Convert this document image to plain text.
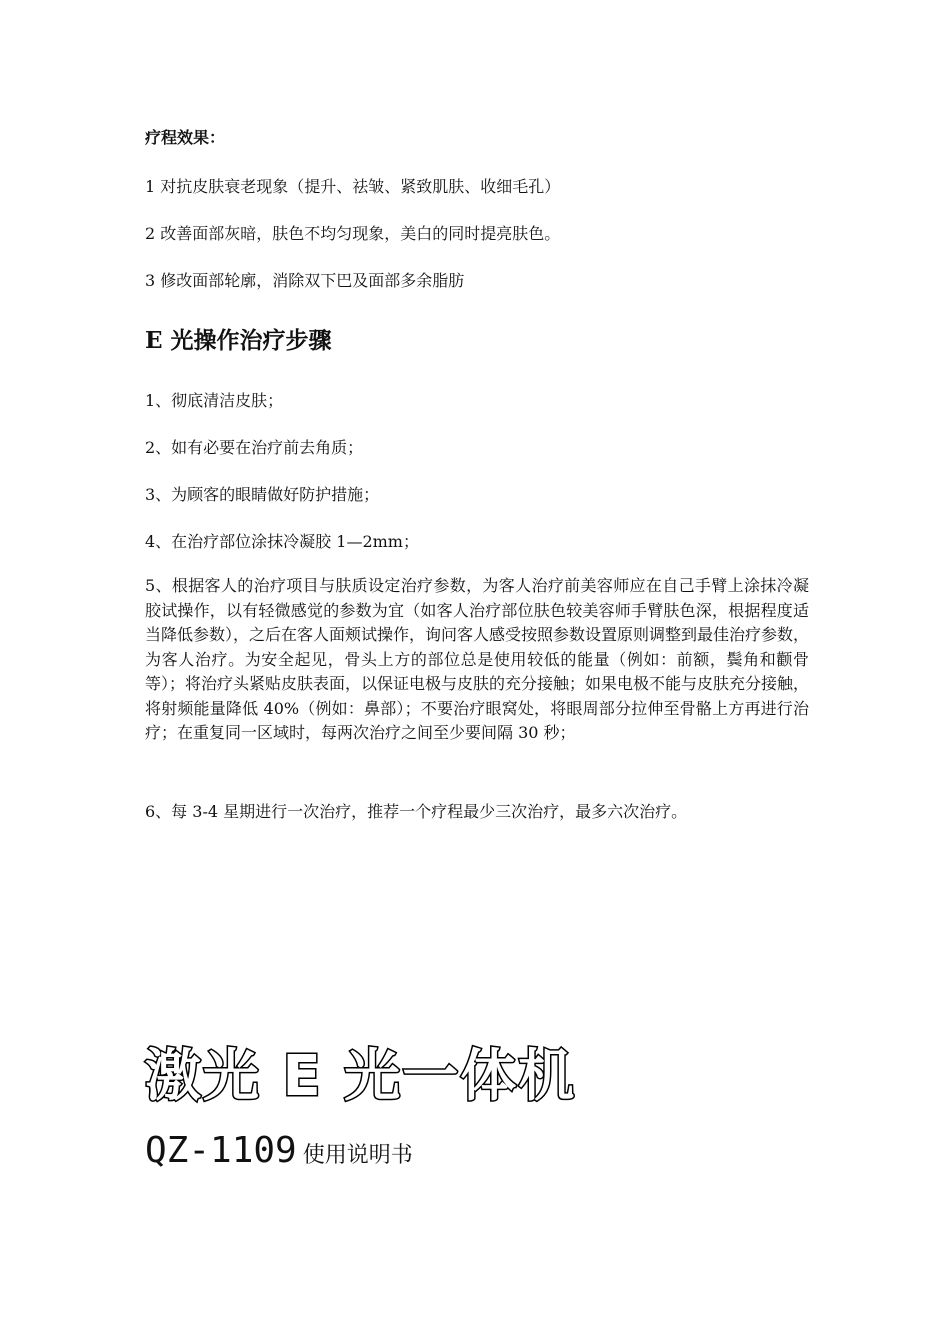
疗程效果：
1 对抗皮肤衰老现象（提升、祛皱、紧致肌肤、收细毛孔）
2 改善面部灰暗，肤色不均匀现象，美白的同时提亮肤色。
3 修改面部轮廓，消除双下巴及面部多余脂肪
E 光操作治疗步骤
1、彻底清洁皮肤；
2、如有必要在治疗前去角质；
3、为顾客的眼睛做好防护措施；
4、在治疗部位涂抹冷凝胶 1—2mm；
5、根据客人的治疗项目与肤质设定治疗参数，为客人治疗前美容师应在自己手臂上涂抹冷凝胶试操作，以有轻微感觉的参数为宜（如客人治疗部位肤色较美容师手臂肤色深，根据程度适当降低参数），之后在客人面颊试操作，询问客人感受按照参数设置原则调整到最佳治疗参数，为客人治疗。为安全起见，骨头上方的部位总是使用较低的能量（例如：前额，鬓角和颧骨等）；将治疗头紧贴皮肤表面，以保证电极与皮肤的充分接触；如果电极不能与皮肤充分接触，将射频能量降低 40%（例如：鼻部）；不要治疗眼窝处，将眼周部分拉伸至骨骼上方再进行治疗；在重复同一区域时，每两次治疗之间至少要间隔 30 秒；
6、每 3-4 星期进行一次治疗，推荐一个疗程最少三次治疗，最多六次治疗。
激光 E 光一体机
QZ-1109 使用说明书
